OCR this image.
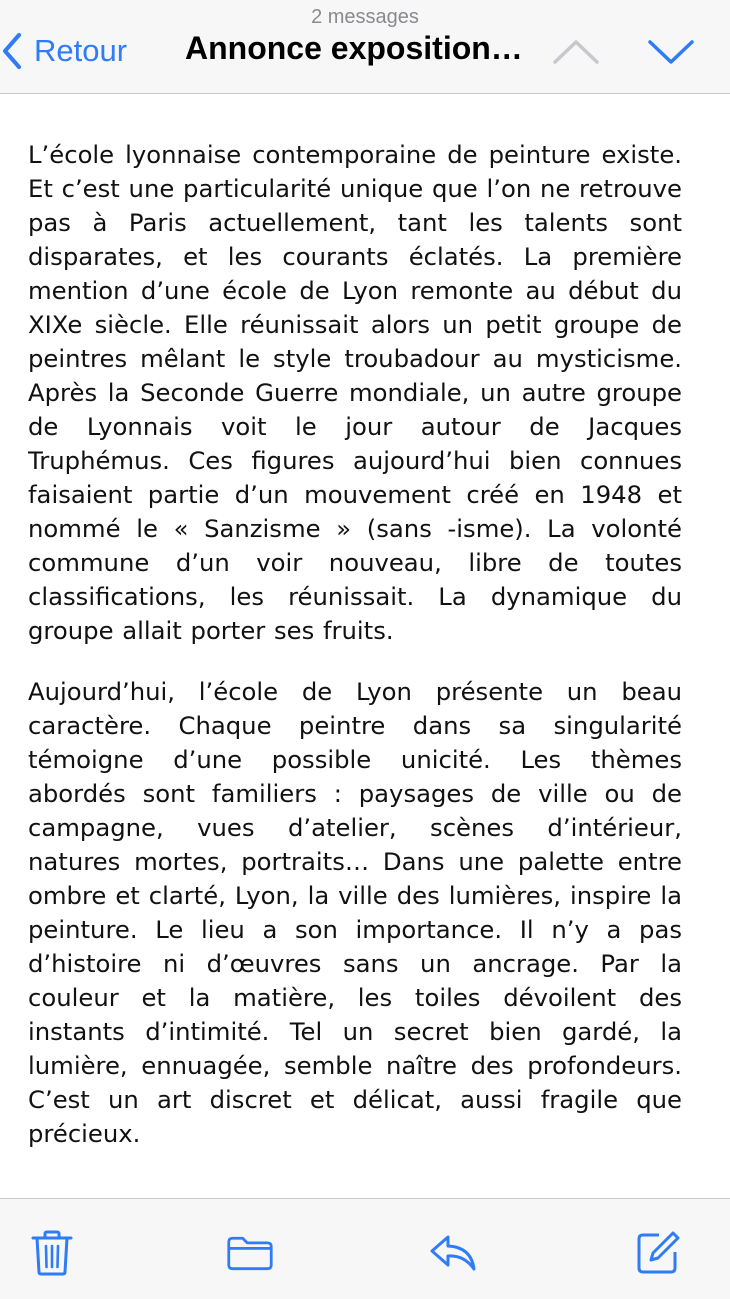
2 messages
Retour Annonce exposition…

L’école lyonnaise contemporaine de peinture existe. Et c’est une particularité unique que l’on ne retrouve pas à Paris actuellement, tant les talents sont disparates, et les courants éclatés. La première mention d’une école de Lyon remonte au début du XIXe siècle. Elle réunissait alors un petit groupe de peintres mêlant le style troubadour au mysticisme. Après la Seconde Guerre mondiale, un autre groupe de Lyonnais voit le jour autour de Jacques Truphémus. Ces figures aujourd’hui bien connues faisaient partie d’un mouvement créé en 1948 et nommé le « Sanzisme » (sans -isme). La volonté commune d’un voir nouveau, libre de toutes classifications, les réunissait. La dynamique du groupe allait porter ses fruits.

Aujourd’hui, l’école de Lyon présente un beau caractère. Chaque peintre dans sa singularité témoigne d’une possible unicité. Les thèmes abordés sont familiers : paysages de ville ou de campagne, vues d’atelier, scènes d’intérieur, natures mortes, portraits… Dans une palette entre ombre et clarté, Lyon, la ville des lumières, inspire la peinture. Le lieu a son importance. Il n’y a pas d’histoire ni d’œuvres sans un ancrage. Par la couleur et la matière, les toiles dévoilent des instants d’intimité. Tel un secret bien gardé, la lumière, ennuagée, semble naître des profondeurs. C’est un art discret et délicat, aussi fragile que précieux.
